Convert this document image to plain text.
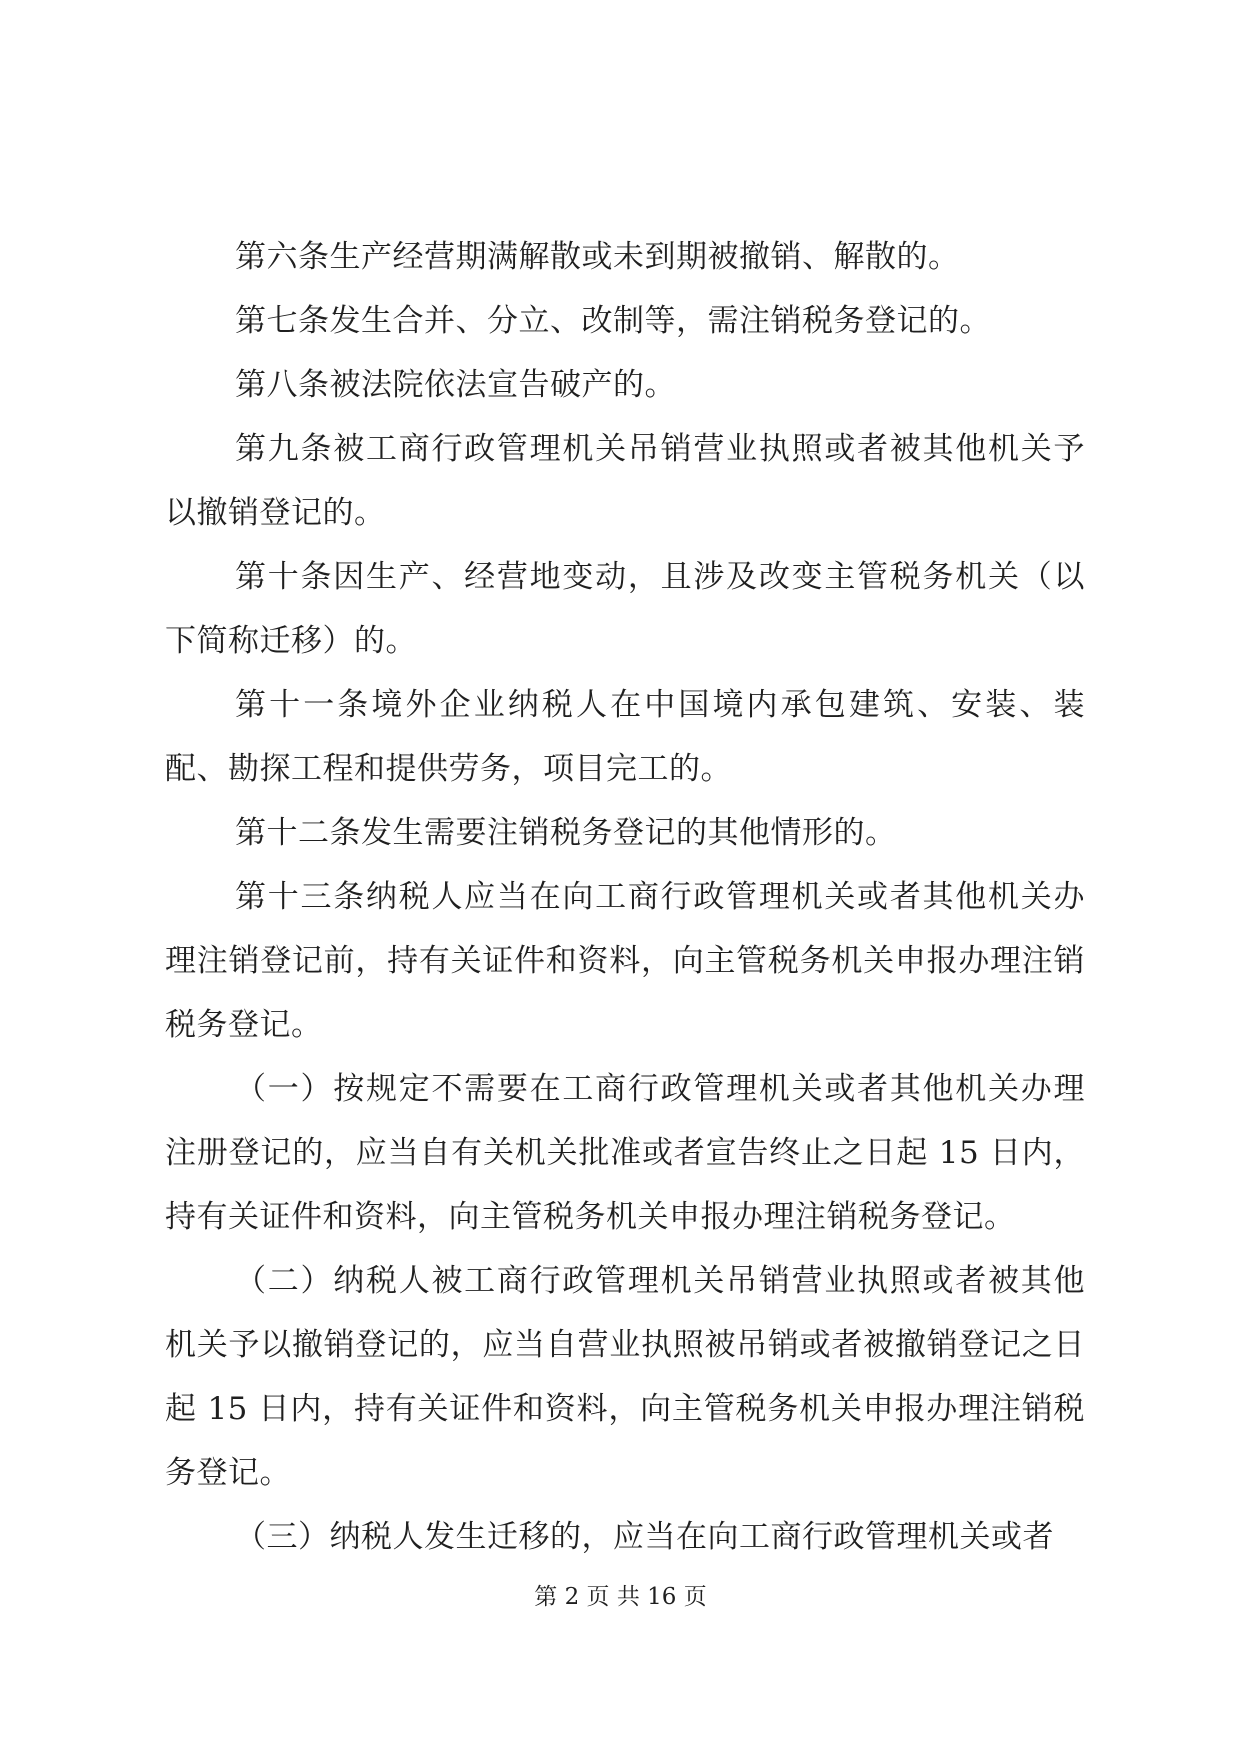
第六条生产经营期满解散或未到期被撤销、解散的。

第七条发生合并、分立、改制等，需注销税务登记的。

第八条被法院依法宣告破产的。

第九条被工商行政管理机关吊销营业执照或者被其他机关予以撤销登记的。

第十条因生产、经营地变动，且涉及改变主管税务机关（以下简称迁移）的。

第十一条境外企业纳税人在中国境内承包建筑、安装、装配、勘探工程和提供劳务，项目完工的。

第十二条发生需要注销税务登记的其他情形的。

第十三条纳税人应当在向工商行政管理机关或者其他机关办理注销登记前，持有关证件和资料，向主管税务机关申报办理注销税务登记。

（一）按规定不需要在工商行政管理机关或者其他机关办理注册登记的，应当自有关机关批准或者宣告终止之日起 15 日内，持有关证件和资料，向主管税务机关申报办理注销税务登记。

（二）纳税人被工商行政管理机关吊销营业执照或者被其他机关予以撤销登记的，应当自营业执照被吊销或者被撤销登记之日起 15 日内，持有关证件和资料，向主管税务机关申报办理注销税务登记。

（三）纳税人发生迁移的，应当在向工商行政管理机关或者

第 2 页 共 16 页
